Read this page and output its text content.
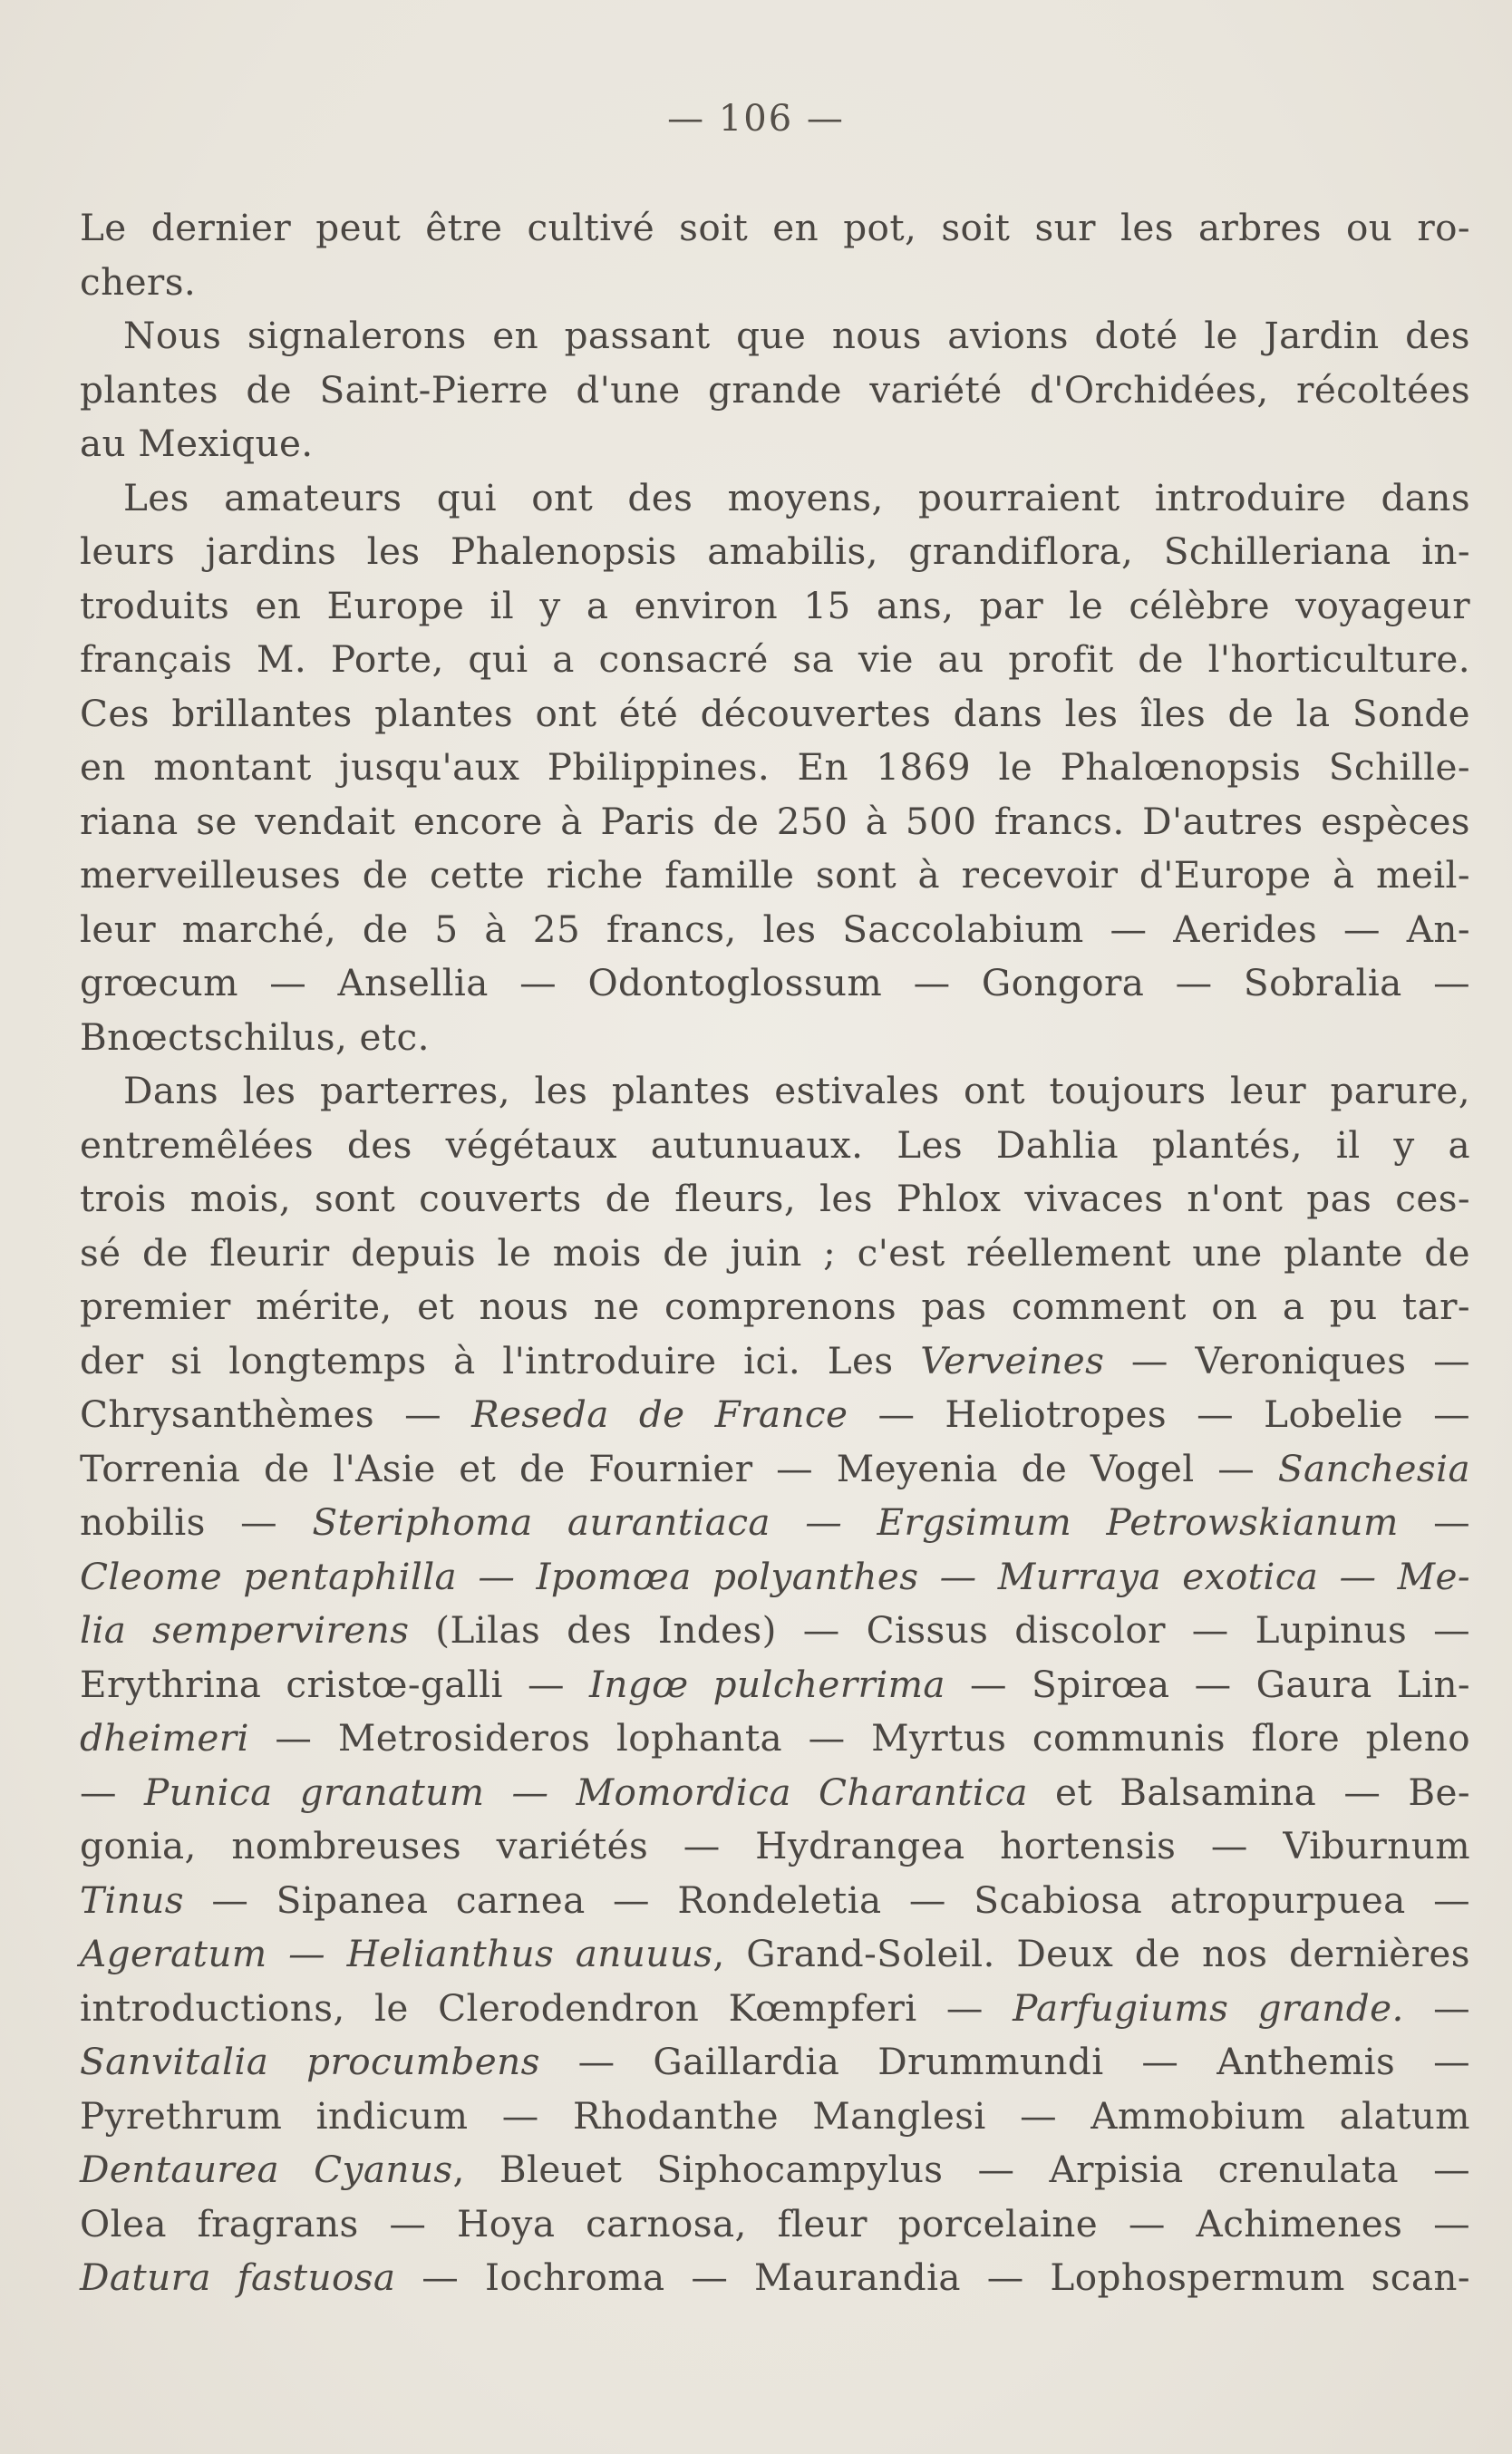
— 106 —
Le dernier peut être cultivé soit en pot, soit sur les arbres ou ro-
chers.
Nous signalerons en passant que nous avions doté le Jardin des
plantes de Saint-Pierre d'une grande variété d'Orchidées, récoltées
au Mexique.
Les amateurs qui ont des moyens, pourraient introduire dans
leurs jardins les Phalenopsis amabilis, grandiflora, Schilleriana in-
troduits en Europe il y a environ 15 ans, par le célèbre voyageur
français M. Porte, qui a consacré sa vie au profit de l'horticulture.
Ces brillantes plantes ont été découvertes dans les îles de la Sonde
en montant jusqu'aux Pbilippines. En 1869 le Phalœnopsis Schille-
riana se vendait encore à Paris de 250 à 500 francs. D'autres espèces
merveilleuses de cette riche famille sont à recevoir d'Europe à meil-
leur marché, de 5 à 25 francs, les Saccolabium — Aerides — An-
grœcum — Ansellia — Odontoglossum — Gongora — Sobralia —
Bnœctschilus, etc.
Dans les parterres, les plantes estivales ont toujours leur parure,
entremêlées des végétaux autunuaux. Les Dahlia plantés, il y a
trois mois, sont couverts de fleurs, les Phlox vivaces n'ont pas ces-
sé de fleurir depuis le mois de juin ; c'est réellement une plante de
premier mérite, et nous ne comprenons pas comment on a pu tar-
der si longtemps à l'introduire ici. Les Verveines — Veroniques —
Chrysanthèmes — Reseda de France — Heliotropes — Lobelie —
Torrenia de l'Asie et de Fournier — Meyenia de Vogel — Sanchesia
nobilis — Steriphoma aurantiaca — Ergsimum Petrowskianum —
Cleome pentaphilla — Ipomœa polyanthes — Murraya exotica — Me-
lia sempervirens (Lilas des Indes) — Cissus discolor — Lupinus —
Erythrina cristœ-galli — Ingœ pulcherrima — Spirœa — Gaura Lin-
dheimeri — Metrosideros lophanta — Myrtus communis flore pleno
— Punica granatum — Momordica Charantica et Balsamina — Be-
gonia, nombreuses variétés — Hydrangea hortensis — Viburnum
Tinus — Sipanea carnea — Rondeletia — Scabiosa atropurpuea —
Ageratum — Helianthus anuuus, Grand-Soleil. Deux de nos dernières
introductions, le Clerodendron Kœmpferi — Parfugiums grande. —
Sanvitalia procumbens — Gaillardia Drummundi — Anthemis —
Pyrethrum indicum — Rhodanthe Manglesi — Ammobium alatum
Dentaurea Cyanus, Bleuet Siphocampylus — Arpisia crenulata —
Olea fragrans — Hoya carnosa, fleur porcelaine — Achimenes —
Datura fastuosa — Iochroma — Maurandia — Lophospermum scan-
